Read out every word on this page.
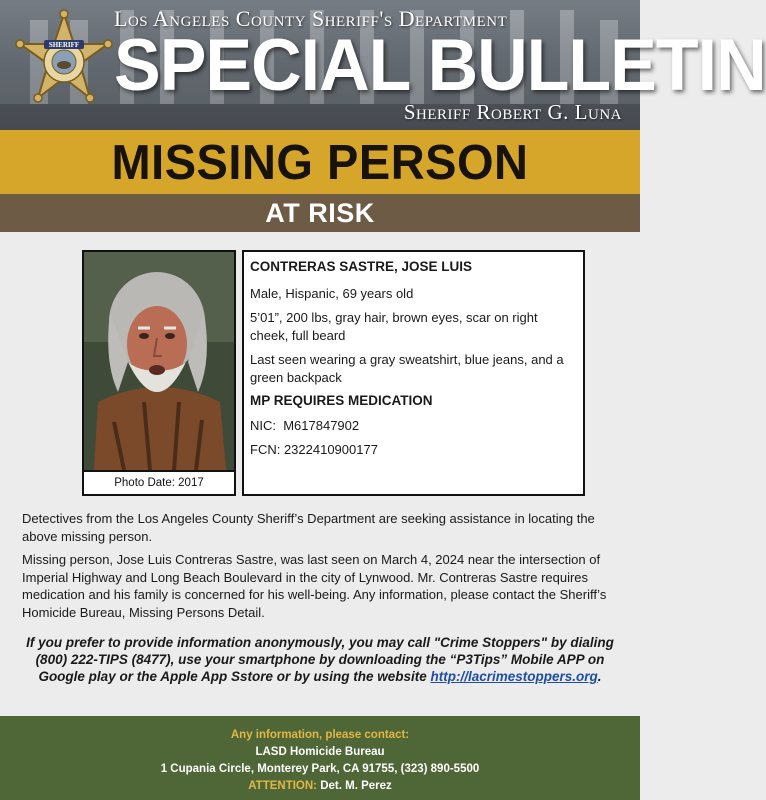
SHERIFF
Los Angeles County Sheriff's Department
SPECIAL BULLETIN
Sheriff Robert G. Luna
MISSING PERSON
AT RISK
Photo Date: 2017
CONTRERAS SASTRE, JOSE LUIS

Male, Hispanic, 69 years old

5’01”, 200 lbs, gray hair, brown eyes, scar on right cheek, full beard

Last seen wearing a gray sweatshirt, blue jeans, and a green backpack

MP REQUIRES MEDICATION

NIC:  M617847902

FCN: 2322410900177

Detectives from the Los Angeles County Sheriff’s Department are seeking assistance in locating the above missing person.

Missing person, Jose Luis Contreras Sastre, was last seen on March 4, 2024 near the intersection of Imperial Highway and Long Beach Boulevard in the city of Lynwood. Mr. Contreras Sastre requires medication and his family is concerned for his well-being. Any information, please contact the Sheriff’s Homicide Bureau, Missing Persons Detail.

If you prefer to provide information anonymously, you may call "Crime Stoppers" by dialing (800) 222-TIPS (8477), use your smartphone by downloading the “P3Tips” Mobile APP on Google play or the Apple App Sstore or by using the website http://lacrimestoppers.org.
Any information, please contact:
LASD Homicide Bureau
1 Cupania Circle, Monterey Park, CA 91755, (323) 890-5500
ATTENTION: Det. M. Perez
